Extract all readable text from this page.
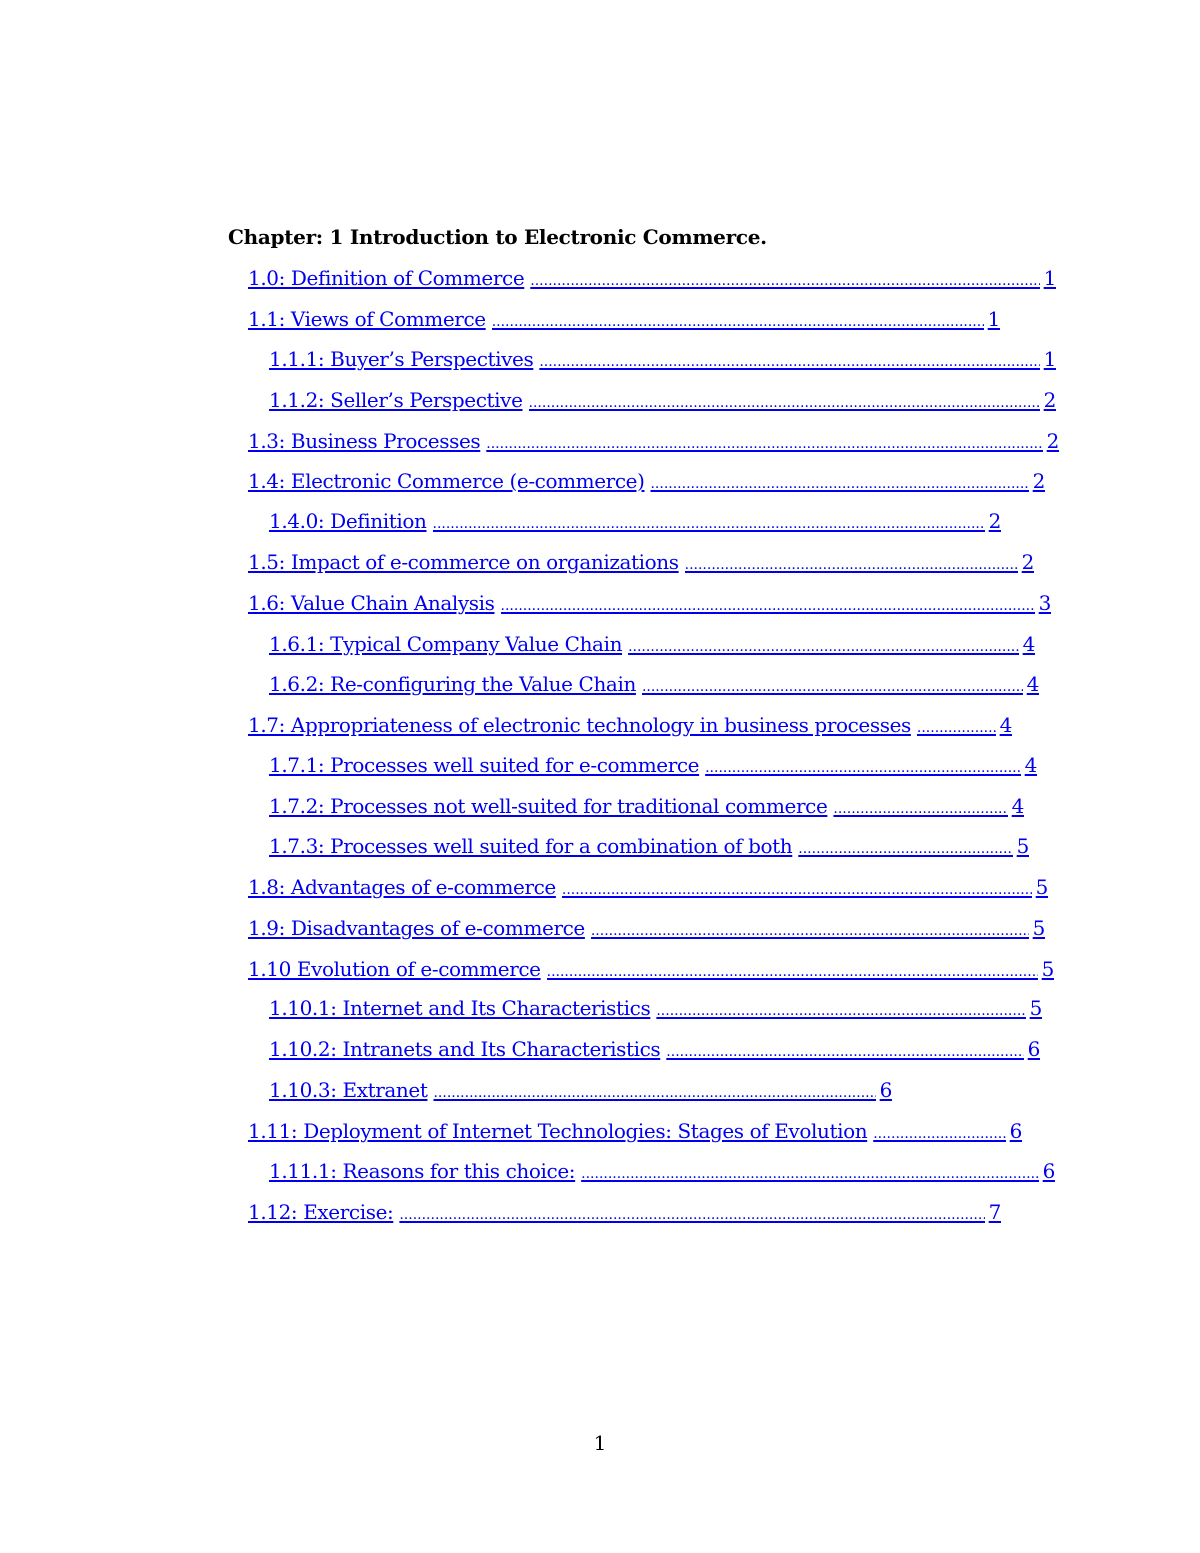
Chapter: 1 Introduction to Electronic Commerce.
1.0: Definition of Commerce .....	1
1.1: Views of Commerce .....	1
1.1.1: Buyer’s Perspectives .....	1
1.1.2: Seller’s Perspective .....	2
1.3: Business Processes .....	2
1.4: Electronic Commerce (e-commerce) .....	2
1.4.0: Definition .....	2
1.5: Impact of e-commerce on organizations .....	2
1.6: Value Chain Analysis .....	3
1.6.1: Typical Company Value Chain .....	4
1.6.2: Re-configuring the Value Chain .....	4
1.7: Appropriateness of electronic technology in business processes .....	4
1.7.1: Processes well suited for e-commerce .....	4
1.7.2: Processes not well-suited for traditional commerce .....	4
1.7.3: Processes well suited for a combination of both .....	5
1.8: Advantages of e-commerce .....	5
1.9: Disadvantages of e-commerce .....	5
1.10 Evolution of e-commerce .....	5
1.10.1: Internet and Its Characteristics .....	5
1.10.2: Intranets and Its Characteristics .....	6
1.10.3: Extranet .....	6
1.11: Deployment of Internet Technologies: Stages of Evolution .....	6
1.11.1: Reasons for this choice: .....	6
1.12: Exercise: .....	7
1
